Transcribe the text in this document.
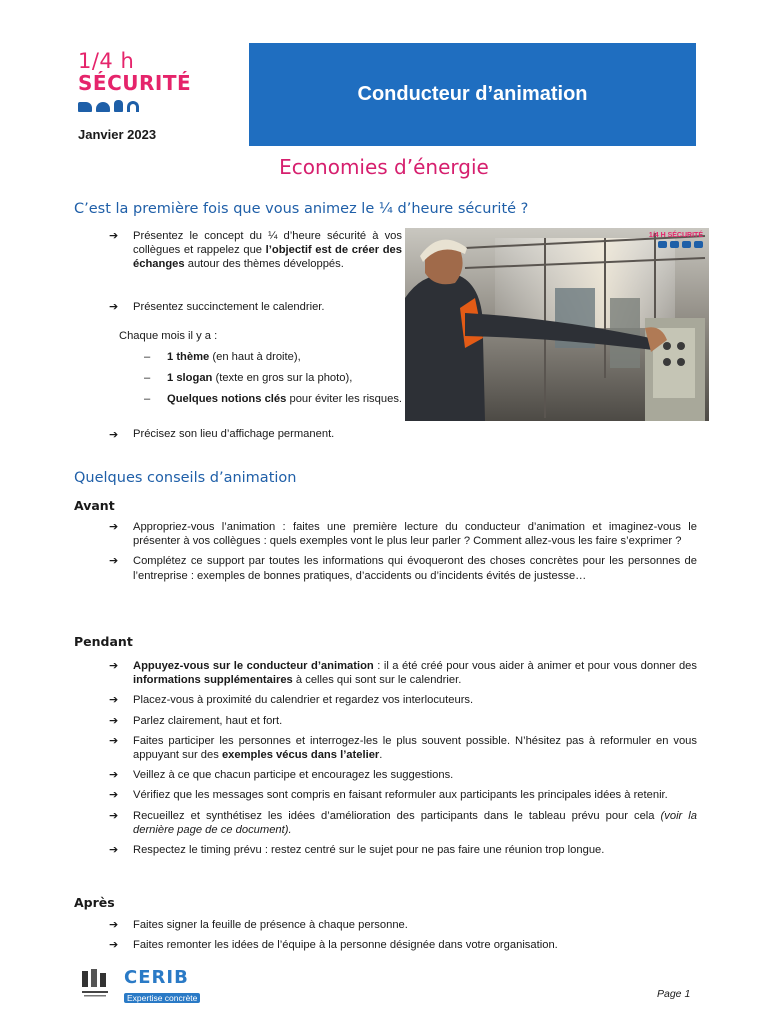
1/4 h
SÉCURITÉ
Janvier 2023
Conducteur d’animation
Economies d’énergie
C’est la première fois que vous animez le ¼ d’heure sécurité ?
➔	Présentez le concept du ¼ d’heure sécurité à vos collègues et rappelez que l’objectif est de créer des échanges autour des thèmes développés.
➔	Présentez succinctement le calendrier.
Chaque mois il y a :
–	1 thème (en haut à droite),
–	1 slogan (texte en gros sur la photo),
–	Quelques notions clés pour éviter les risques.
➔	Précisez son lieu d’affichage permanent.
1/4 H SÉCURITÉ
Quelques conseils d’animation
Avant
➔	Appropriez-vous l’animation : faites une première lecture du conducteur d’animation et imaginez-vous le présenter à vos collègues : quels exemples vont le plus leur parler ? Comment allez-vous les faire s’exprimer ?
➔	Complétez ce support par toutes les informations qui évoqueront des choses concrètes pour les personnes de l’entreprise : exemples de bonnes pratiques, d’accidents ou d’incidents évités de justesse…
Pendant
➔	Appuyez-vous sur le conducteur d’animation : il a été créé pour vous aider à animer et pour vous donner des informations supplémentaires à celles qui sont sur le calendrier.
➔	Placez-vous à proximité du calendrier et regardez vos interlocuteurs.
➔	Parlez clairement, haut et fort.
➔	Faites participer les personnes et interrogez-les le plus souvent possible. N’hésitez pas à reformuler en vous appuyant sur des exemples vécus dans l’atelier.
➔	Veillez à ce que chacun participe et encouragez les suggestions.
➔	Vérifiez que les messages sont compris en faisant reformuler aux participants les principales idées à retenir.
➔	Recueillez et synthétisez les idées d’amélioration des participants dans le tableau prévu pour cela (voir la dernière page de ce document).
➔	Respectez le timing prévu : restez centré sur le sujet pour ne pas faire une réunion trop longue.
Après
➔	Faites signer la feuille de présence à chaque personne.
➔	Faites remonter les idées de l’équipe à la personne désignée dans votre organisation.
CERIB
Expertise concrète	Page 1
